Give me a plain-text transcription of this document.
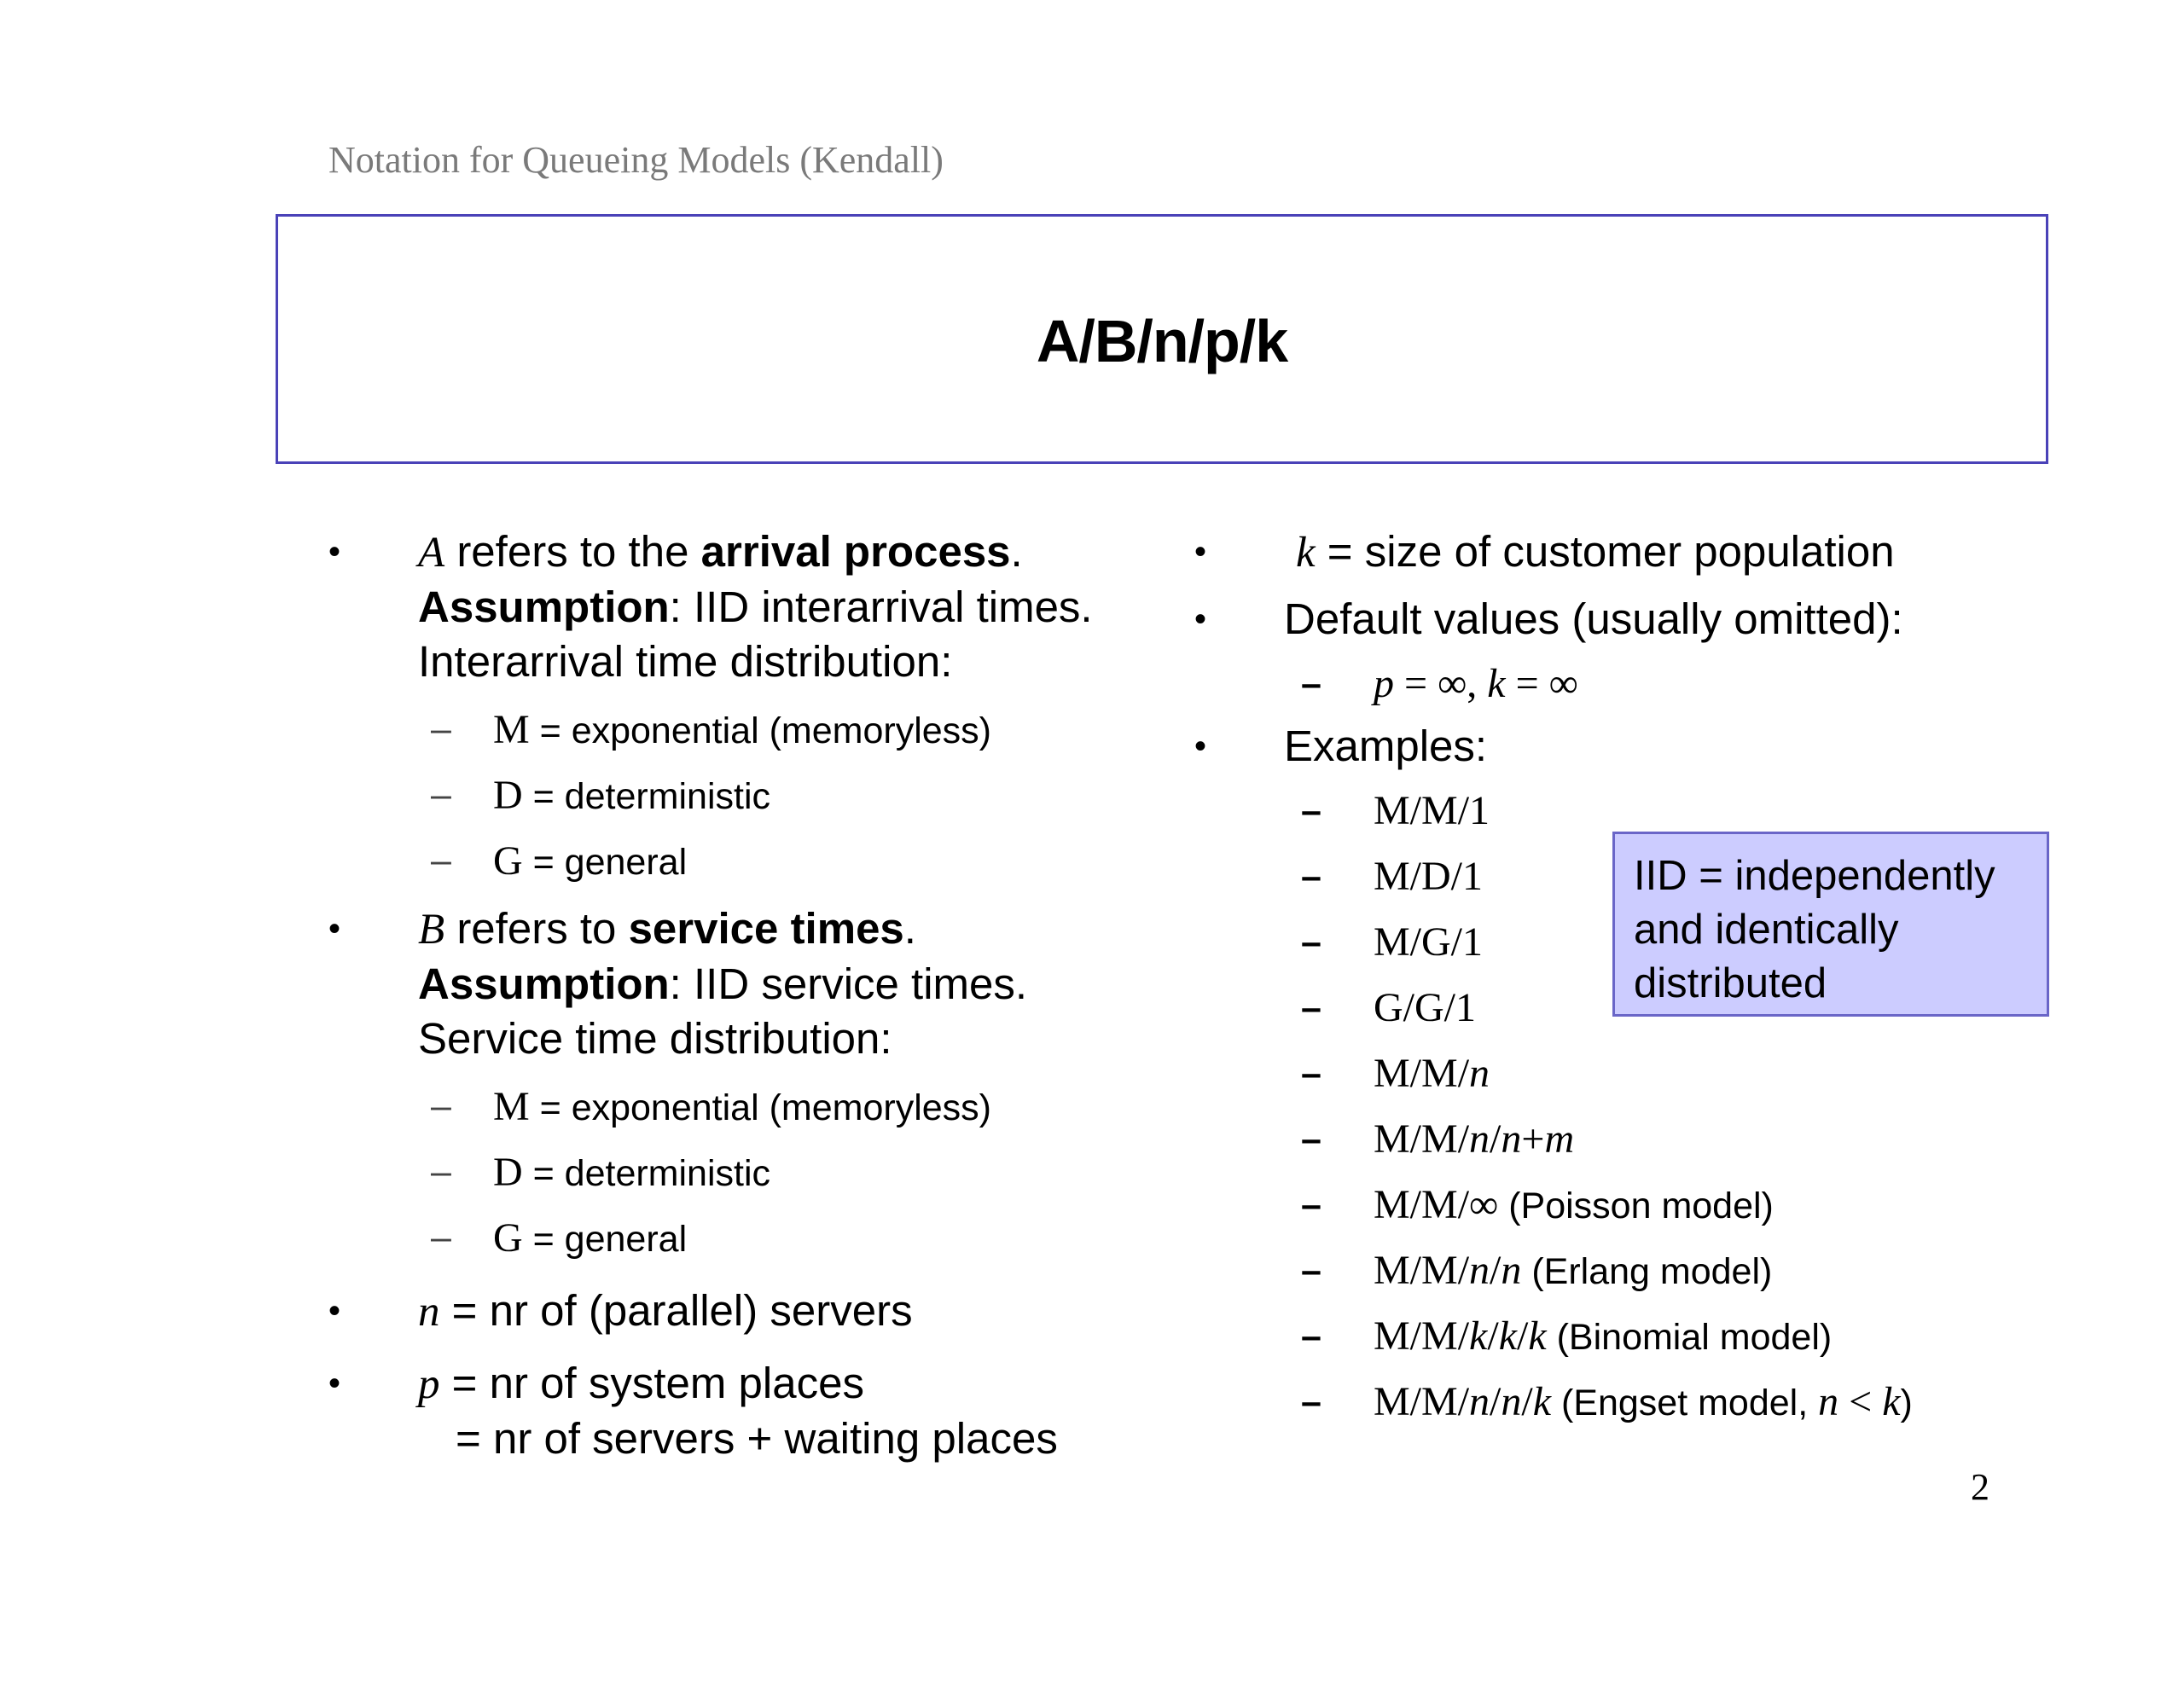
Notation for Queueing Models (Kendall)
A/B/n/p/k
• A refers to the arrival process.
Assumption: IID interarrival times.
Interarrival time distribution:
– M = exponential (memoryless)
– D = deterministic
– G = general
• B refers to service times.
Assumption: IID service times.
Service time distribution:
– M = exponential (memoryless)
– D = deterministic
– G = general
• n = nr of (parallel) servers
• p = nr of system places
= nr of servers + waiting places
• k = size of customer population
• Default values (usually omitted):
– p = ∞, k = ∞
• Examples:
– M/M/1
– M/D/1
– M/G/1
– G/G/1
– M/M/n
– M/M/n/n+m
– M/M/∞ (Poisson model)
– M/M/n/n (Erlang model)
– M/M/k/k/k (Binomial model)
– M/M/n/n/k (Engset model, n < k)
IID = independently
and identically
distributed
2
